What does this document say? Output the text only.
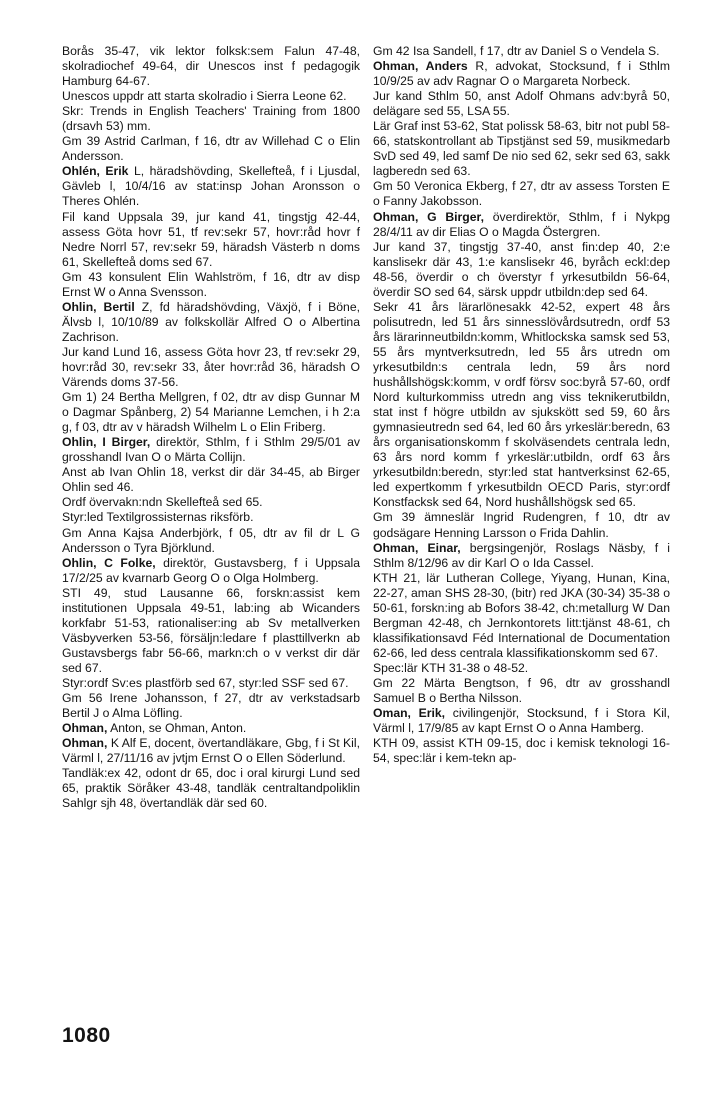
Borås 35-47, vik lektor folksk:sem Falun 47-48, skolradiochef 49-64, dir Unescos inst f pedagogik Hamburg 64-67.

Unescos uppdr att starta skolradio i Sierra Leone 62.

Skr: Trends in English Teachers' Training from 1800 (drsavh 53) mm.

Gm 39 Astrid Carlman, f 16, dtr av Willehad C o Elin Andersson.

Ohlén, Erik L, häradshövding, Skellefteå, f i Ljusdal, Gävleb l, 10/4/16 av stat:insp Johan Aronsson o Theres Ohlén.

Fil kand Uppsala 39, jur kand 41, tingstjg 42-44, assess Göta hovr 51, tf rev:sekr 57, hovr:råd hovr f Nedre Norrl 57, rev:sekr 59, häradsh Västerb n doms 61, Skellefteå doms sed 67.

Gm 43 konsulent Elin Wahlström, f 16, dtr av disp Ernst W o Anna Svensson.

Ohlin, Bertil Z, fd häradshövding, Växjö, f i Böne, Älvsb l, 10/10/89 av folkskollär Alfred O o Albertina Zachrison.

Jur kand Lund 16, assess Göta hovr 23, tf rev:sekr 29, hovr:råd 30, rev:sekr 33, åter hovr:råd 36, häradsh O Värends doms 37-56.

Gm 1) 24 Bertha Mellgren, f 02, dtr av disp Gunnar M o Dagmar Spånberg, 2) 54 Marianne Lemchen, i h 2:a g, f 03, dtr av v häradsh Wilhelm L o Elin Friberg.

Ohlin, I Birger, direktör, Sthlm, f i Sthlm 29/5/01 av grosshandl Ivan O o Märta Collijn.

Anst ab Ivan Ohlin 18, verkst dir där 34-45, ab Birger Ohlin sed 46.

Ordf övervakn:ndn Skellefteå sed 65.

Styr:led Textilgrossisternas riksförb.

Gm Anna Kajsa Anderbjörk, f 05, dtr av fil dr L G Andersson o Tyra Björklund.

Ohlin, C Folke, direktör, Gustavsberg, f i Uppsala 17/2/25 av kvarnarb Georg O o Olga Holmberg.

STI 49, stud Lausanne 66, forskn:assist kem institutionen Uppsala 49-51, lab:ing ab Wicanders korkfabr 51-53, rationaliser:ing ab Sv metallverken Väsbyverken 53-56, försäljn:ledare f plasttillverkn ab Gustavsbergs fabr 56-66, markn:ch o v verkst dir där sed 67.

Styr:ordf Sv:es plastförb sed 67, styr:led SSF sed 67.

Gm 56 Irene Johansson, f 27, dtr av verkstadsarb Bertil J o Alma Löfling.

Ohman, Anton, se Ohman, Anton.

Ohman, K Alf E, docent, övertandläkare, Gbg, f i St Kil, Värml l, 27/11/16 av jvtjm Ernst O o Ellen Söderlund.

Tandläk:ex 42, odont dr 65, doc i oral kirurgi Lund sed 65, praktik Söråker 43-48, tandläk centraltandpoliklin Sahlgr sjh 48, övertandläk där sed 60.

Gm 42 Isa Sandell, f 17, dtr av Daniel S o Vendela S.

Ohman, Anders R, advokat, Stocksund, f i Sthlm 10/9/25 av adv Ragnar O o Margareta Norbeck.

Jur kand Sthlm 50, anst Adolf Ohmans adv:byrå 50, delägare sed 55, LSA 55.

Lär Graf inst 53-62, Stat polissk 58-63, bitr not publ 58-66, statskontrollant ab Tipstjänst sed 59, musikmedarb SvD sed 49, led samf De nio sed 62, sekr sed 63, sakk lagberedn sed 63.

Gm 50 Veronica Ekberg, f 27, dtr av assess Torsten E o Fanny Jakobsson.

Ohman, G Birger, överdirektör, Sthlm, f i Nykpg 28/4/11 av dir Elias O o Magda Östergren.

Jur kand 37, tingstjg 37-40, anst fin:dep 40, 2:e kanslisekr där 43, 1:e kanslisekr 46, byråch eckl:dep 48-56, överdir o ch överstyr f yrkesutbildn 56-64, överdir SO sed 64, särsk uppdr utbildn:dep sed 64.

Sekr 41 års lärarlönesakk 42-52, expert 48 års polisutredn, led 51 års sinnesslövårdsutredn, ordf 53 års lärarinneutbildn:komm, Whitlockska samsk sed 53, 55 års myntverksutredn, led 55 års utredn om yrkesutbildn:s centrala ledn, 59 års nord hushållshögsk:komm, v ordf försv soc:byrå 57-60, ordf Nord kulturkommiss utredn ang viss teknikerutbildn, stat inst f högre utbildn av sjukskött sed 59, 60 års gymnasieutredn sed 64, led 60 års yrkeslär:beredn, 63 års organisationskomm f skolväsendets centrala ledn, 63 års nord komm f yrkeslär:utbildn, ordf 63 års yrkesutbildn:beredn, styr:led stat hantverksinst 62-65, led expertkomm f yrkesutbildn OECD Paris, styr:ordf Konstfacksk sed 64, Nord hushållshögsk sed 65.

Gm 39 ämneslär Ingrid Rudengren, f 10, dtr av godsägare Henning Larsson o Frida Dahlin.

Ohman, Einar, bergsingenjör, Roslags Näsby, f i Sthlm 8/12/96 av dir Karl O o Ida Cassel.

KTH 21, lär Lutheran College, Yiyang, Hunan, Kina, 22-27, aman SHS 28-30, (bitr) red JKA (30-34) 35-38 o 50-61, forskn:ing ab Bofors 38-42, ch:metallurg W Dan Bergman 42-48, ch Jernkontorets litt:tjänst 48-61, ch klassifikationsavd Féd International de Documentation 62-66, led dess centrala klassifikationskomm sed 67.

Spec:lär KTH 31-38 o 48-52.

Gm 22 Märta Bengtson, f 96, dtr av grosshandl Samuel B o Bertha Nilsson.

Oman, Erik, civilingenjör, Stocksund, f i Stora Kil, Värml l, 17/9/85 av kapt Ernst O o Anna Hamberg.

KTH 09, assist KTH 09-15, doc i kemisk teknologi 16-54, spec:lär i kem-tekn ap-

1080
